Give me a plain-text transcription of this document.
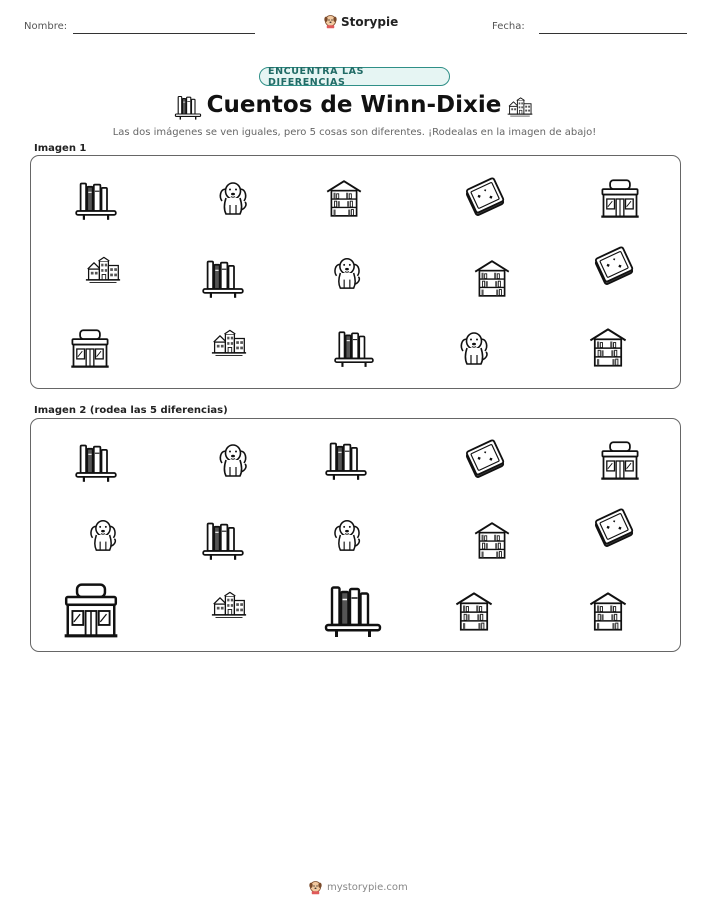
Nombre:	Storypie	Fecha:
ENCUENTRA LAS DIFERENCIAS
Cuentos de Winn-Dixie
Las dos imágenes se ven iguales, pero 5 cosas son diferentes. ¡Rodealas en la imagen de abajo!
Imagen 1
Imagen 2 (rodea las 5 diferencias)
mystorypie.com
